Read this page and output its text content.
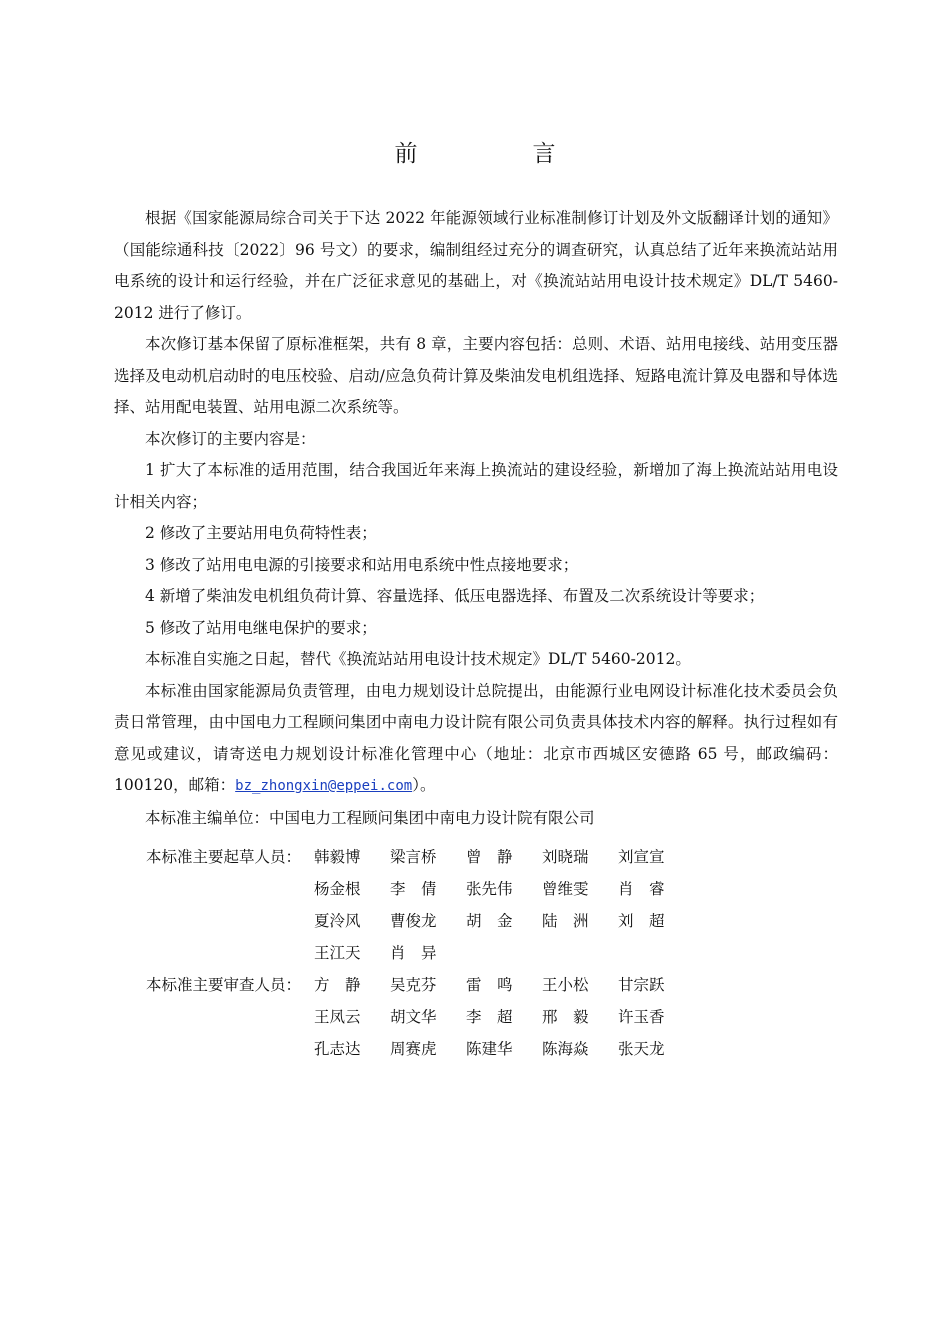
前　言

根据《国家能源局综合司关于下达 2022 年能源领域行业标准制修订计划及外文版翻译计划的通知》（国能综通科技〔2022〕96 号文）的要求，编制组经过充分的调查研究，认真总结了近年来换流站站用电系统的设计和运行经验，并在广泛征求意见的基础上，对《换流站站用电设计技术规定》DL/T 5460-2012 进行了修订。

本次修订基本保留了原标准框架，共有 8 章，主要内容包括：总则、术语、站用电接线、站用变压器选择及电动机启动时的电压校验、启动/应急负荷计算及柴油发电机组选择、短路电流计算及电器和导体选择、站用配电装置、站用电源二次系统等。

本次修订的主要内容是：

1 扩大了本标准的适用范围，结合我国近年来海上换流站的建设经验，新增加了海上换流站站用电设计相关内容；

2 修改了主要站用电负荷特性表；

3 修改了站用电电源的引接要求和站用电系统中性点接地要求；

4 新增了柴油发电机组负荷计算、容量选择、低压电器选择、布置及二次系统设计等要求；

5 修改了站用电继电保护的要求；

本标准自实施之日起，替代《换流站站用电设计技术规定》DL/T 5460-2012。

本标准由国家能源局负责管理，由电力规划设计总院提出，由能源行业电网设计标准化技术委员会负责日常管理，由中国电力工程顾问集团中南电力设计院有限公司负责具体技术内容的解释。执行过程如有意见或建议，请寄送电力规划设计标准化管理中心（地址：北京市西城区安德路 65 号，邮政编码：100120，邮箱：bz_zhongxin@eppei.com）。

本标准主编单位：中国电力工程顾问集团中南电力设计院有限公司

本标准主要起草人员： 韩毅博	梁言桥	曾　静	刘晓瑞	刘宣宣
杨金根	李　倩	张先伟	曾维雯	肖　睿
夏泠风	曹俊龙	胡　金	陆　洲	刘　超
王江天	肖　异
本标准主要审查人员： 方　静	吴克芬	雷　鸣	王小松	甘宗跃
王凤云	胡文华	李　超	邢　毅	许玉香
孔志达	周赛虎	陈建华	陈海焱	张天龙
